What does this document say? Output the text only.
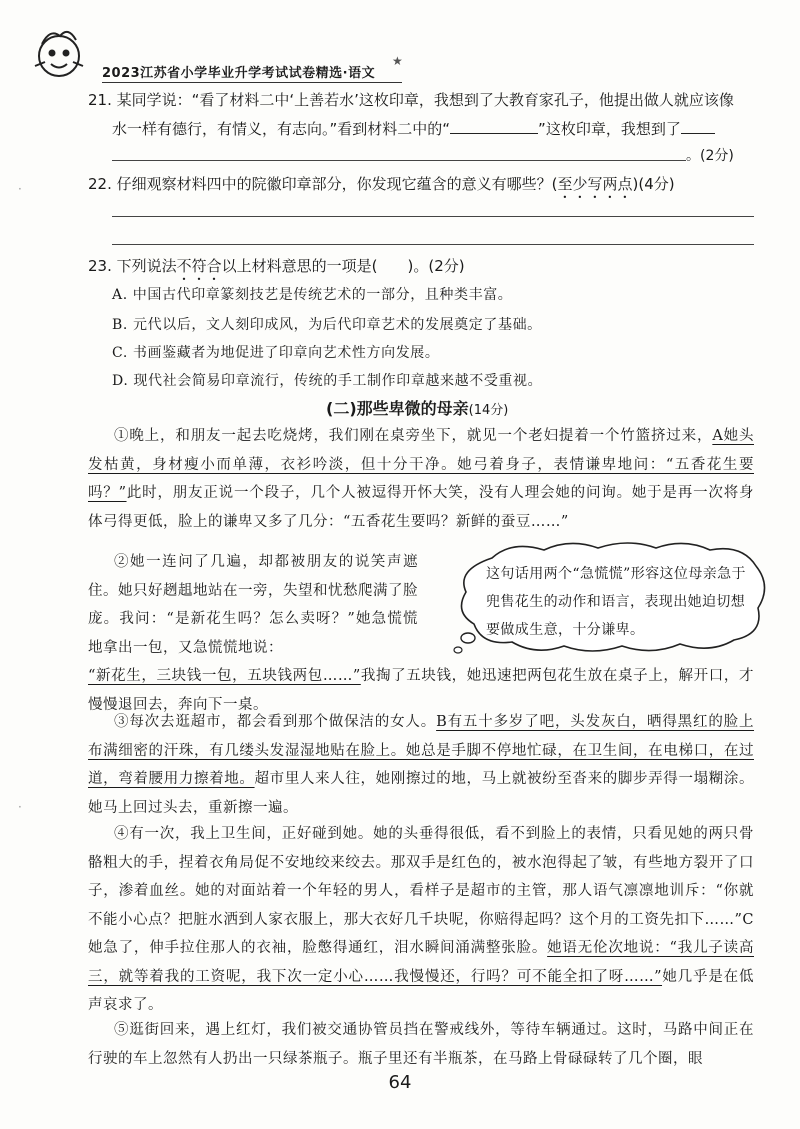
2023江苏省小学毕业升学考试试卷精选·语文
★
·
·
21. 某同学说：“看了材料二中‘上善若水’这枚印章，我想到了大教育家孔子，他提出做人就应该像
水一样有德行，有情义，有志向。”看到材料二中的“	”这枚印章，我想到了
。(2分)
22. 仔细观察材料四中的院徽印章部分，你发现它蕴含的意义有哪些？(至少写两点)(4分)
23. 下列说法不符合以上材料意思的一项是(　　)。(2分)
A. 中国古代印章篆刻技艺是传统艺术的一部分，且种类丰富。
B. 元代以后，文人刻印成风，为后代印章艺术的发展奠定了基础。
C. 书画鉴藏者为地促进了印章向艺术性方向发展。
D. 现代社会简易印章流行，传统的手工制作印章越来越不受重视。
(二)那些卑微的母亲(14分)
①晚上，和朋友一起去吃烧烤，我们刚在桌旁坐下，就见一个老妇提着一个竹篮挤过来，A她头发枯黄，身材瘦小而单薄，衣衫吟淡，但十分干净。她弓着身子，表情谦卑地问：“五香花生要吗？”此时，朋友正说一个段子，几个人被逗得开怀大笑，没有人理会她的问询。她于是再一次将身体弓得更低，脸上的谦卑又多了几分：“五香花生要吗？新鲜的蚕豆……”
②她一连问了几遍，却都被朋友的说笑声遮住。她只好趔趄地站在一旁，失望和忧愁爬满了脸庞。我问：“是新花生吗？怎么卖呀？”她急慌慌地拿出一包，又急慌慌地说：
“新花生，三块钱一包，五块钱两包……”我掏了五块钱，她迅速把两包花生放在桌子上，解开口，才慢慢退回去，奔向下一桌。
这句话用两个“急慌慌”形容这位母亲急于兜售花生的动作和语言，表现出她迫切想要做成生意，十分谦卑。
③每次去逛超市，都会看到那个做保洁的女人。B有五十多岁了吧，头发灰白，晒得黑红的脸上布满细密的汗珠，有几缕头发湿湿地贴在脸上。她总是手脚不停地忙碌，在卫生间，在电梯口，在过道，弯着腰用力擦着地。超市里人来人往，她刚擦过的地，马上就被纷至沓来的脚步弄得一塌糊涂。她马上回过头去，重新擦一遍。
④有一次，我上卫生间，正好碰到她。她的头垂得很低，看不到脸上的表情，只看见她的两只骨骼粗大的手，捏着衣角局促不安地绞来绞去。那双手是红色的，被水泡得起了皱，有些地方裂开了口子，渗着血丝。她的对面站着一个年轻的男人，看样子是超市的主管，那人语气凛凛地训斥：“你就不能小心点？把脏水洒到人家衣服上，那大衣好几千块呢，你赔得起吗？这个月的工资先扣下……”C她急了，伸手拉住那人的衣袖，脸憋得通红，泪水瞬间涌满整张脸。她语无伦次地说：“我儿子读高三，就等着我的工资呢，我下次一定小心……我慢慢还，行吗？可不能全扣了呀……”她几乎是在低声哀求了。
⑤逛街回来，遇上红灯，我们被交通协管员挡在警戒线外，等待车辆通过。这时，马路中间正在行驶的车上忽然有人扔出一只绿茶瓶子。瓶子里还有半瓶茶，在马路上骨碌碌转了几个圈，眼
64
